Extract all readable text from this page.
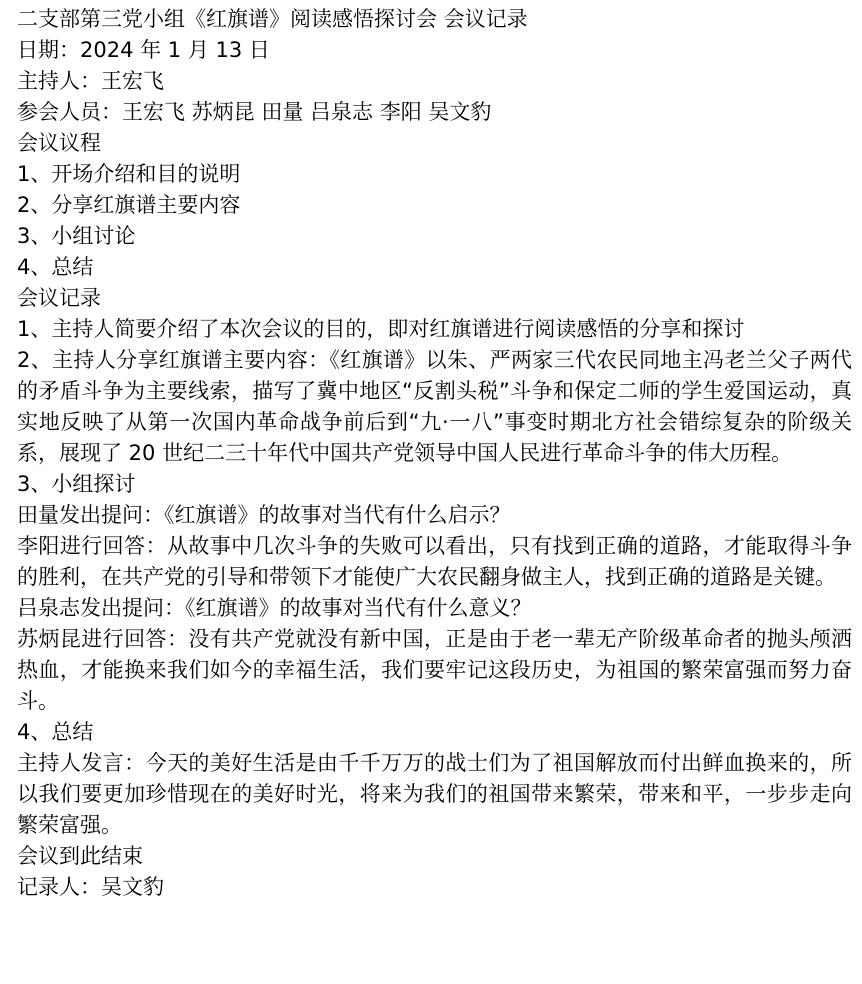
二支部第三党小组《红旗谱》阅读感悟探讨会 会议记录
日期：2024 年 1 月 13 日
主持人：王宏飞
参会人员：王宏飞 苏炳昆 田量 吕泉志 李阳 吴文豹
会议议程
1、开场介绍和目的说明
2、分享红旗谱主要内容
3、小组讨论
4、总结
会议记录
1、主持人简要介绍了本次会议的目的，即对红旗谱进行阅读感悟的分享和探讨
2、主持人分享红旗谱主要内容：《红旗谱》以朱、严两家三代农民同地主冯老兰父子两代的矛盾斗争为主要线索，描写了冀中地区“反割头税”斗争和保定二师的学生爱国运动，真实地反映了从第一次国内革命战争前后到“九·一八”事变时期北方社会错综复杂的阶级关系，展现了 20 世纪二三十年代中国共产党领导中国人民进行革命斗争的伟大历程。
3、小组探讨
田量发出提问：《红旗谱》的故事对当代有什么启示？
李阳进行回答：从故事中几次斗争的失败可以看出，只有找到正确的道路，才能取得斗争的胜利，在共产党的引导和带领下才能使广大农民翻身做主人，找到正确的道路是关键。
吕泉志发出提问：《红旗谱》的故事对当代有什么意义？
苏炳昆进行回答：没有共产党就没有新中国，正是由于老一辈无产阶级革命者的抛头颅洒热血，才能换来我们如今的幸福生活，我们要牢记这段历史，为祖国的繁荣富强而努力奋斗。
4、总结
主持人发言：今天的美好生活是由千千万万的战士们为了祖国解放而付出鲜血换来的，所以我们要更加珍惜现在的美好时光，将来为我们的祖国带来繁荣，带来和平，一步步走向繁荣富强。
会议到此结束
记录人：吴文豹
